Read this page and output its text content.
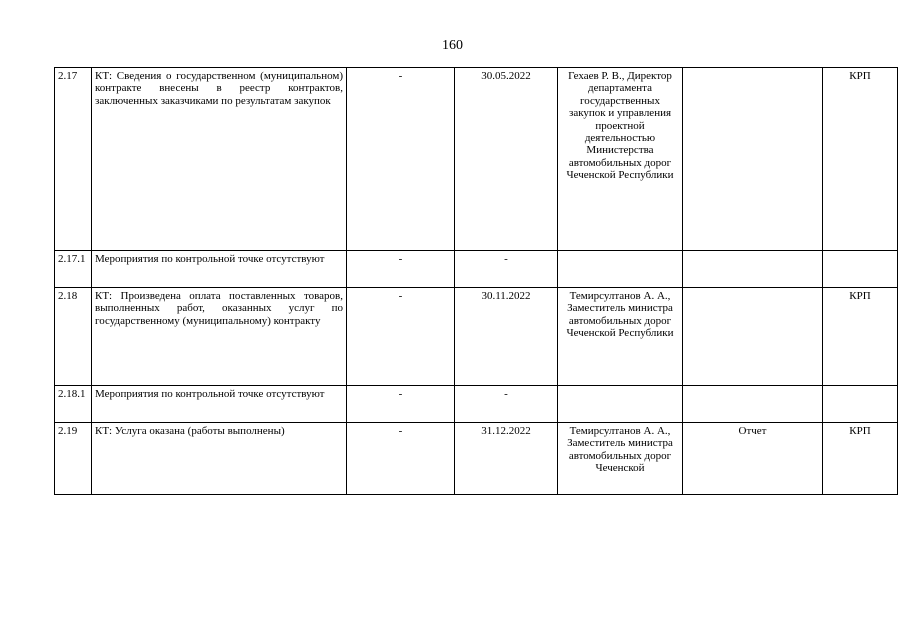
160
2.17	КТ: Сведения о государственном (муниципальном) контракте внесены в реестр контрактов, заключенных заказчиками по результатам закупок	-	30.05.2022	Гехаев Р. В., Директор департамента государственных закупок и управления проектной деятельностью Министерства автомобильных дорог Чеченской Республики		КРП
2.17.1	Мероприятия по контрольной точке отсутствуют	-	-			
2.18	КТ: Произведена оплата поставленных товаров, выполненных работ, оказанных услуг по государственному (муниципальному) контракту	-	30.11.2022	Темирсултанов А. А., Заместитель министра автомобильных дорог Чеченской Республики		КРП
2.18.1	Мероприятия по контрольной точке отсутствуют	-	-			
2.19	КТ: Услуга оказана (работы выполнены)	-	31.12.2022	Темирсултанов А. А., Заместитель министра автомобильных дорог Чеченской	Отчет	КРП
